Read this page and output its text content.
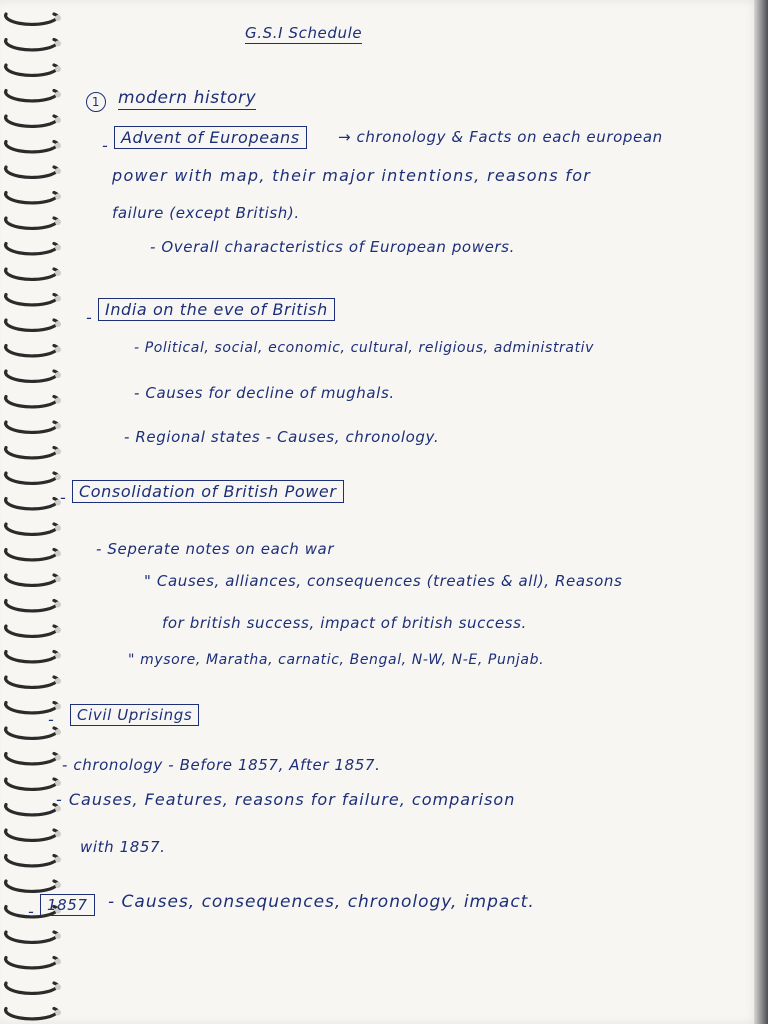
G.S.I Schedule
1	modern history
- Advent of Europeans	→ chronology & Facts on each european
power with map, their major intentions, reasons for
failure (except British).
- Overall characteristics of European powers.
- India on the eve of British
- Political, social, economic, cultural, religious, administrativ
- Causes for decline of mughals.
- Regional states - Causes, chronology.
- Consolidation of British Power
- Seperate notes on each war
" Causes, alliances, consequences (treaties & all), Reasons
for british success, impact of british success.
" mysore, Maratha, carnatic, Bengal, N-W, N-E, Punjab.
-	Civil Uprisings
- chronology - Before 1857, After 1857.
- Causes, Features, reasons for failure, comparison
with 1857.
- 1857	- Causes, consequences, chronology, impact.
